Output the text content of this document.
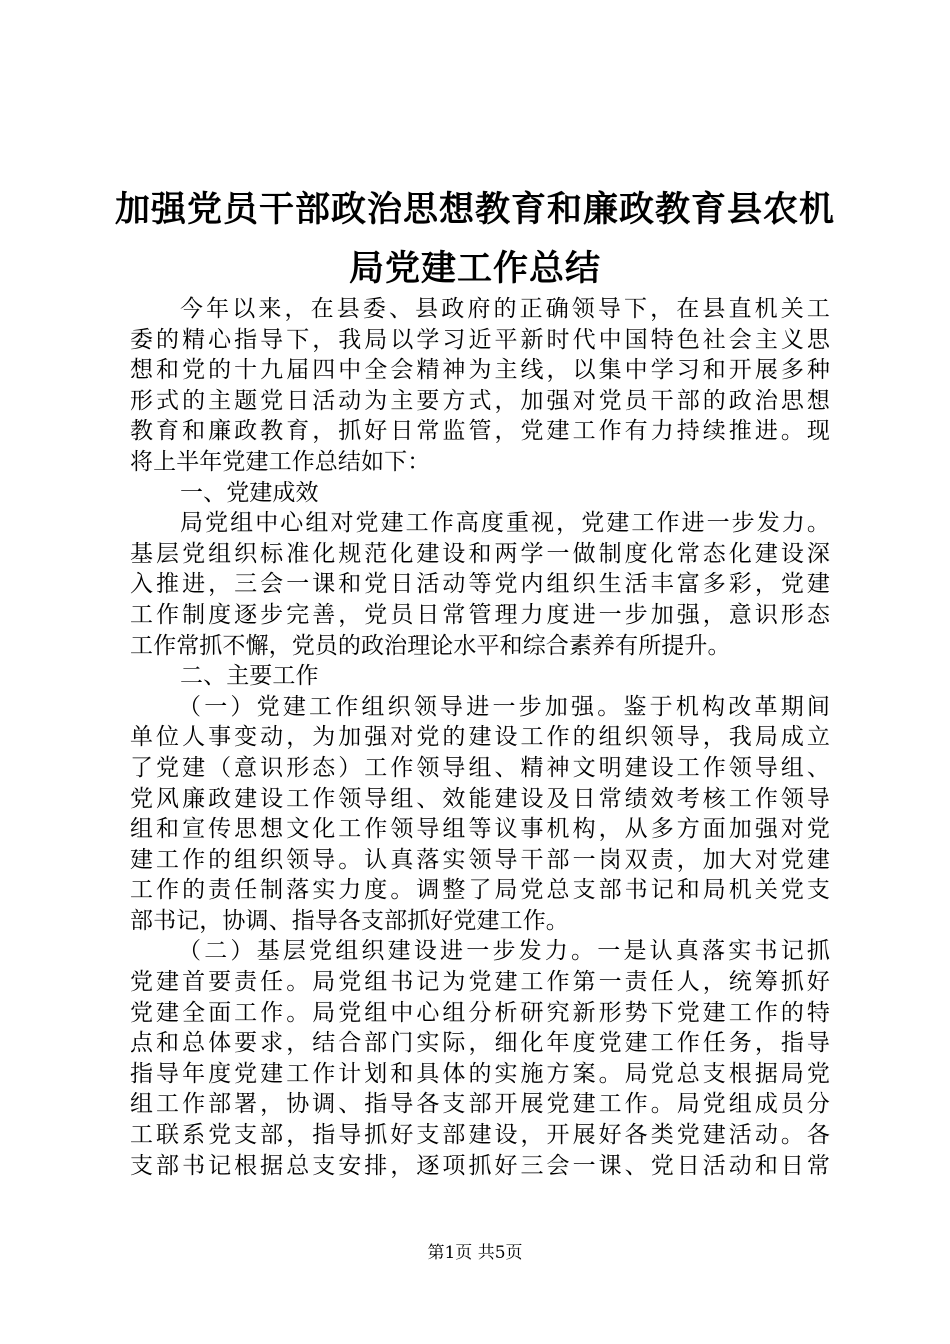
加强党员干部政治思想教育和廉政教育县农机
局党建工作总结
今年以来，在县委、县政府的正确领导下，在县直机关工
委的精心指导下，我局以学习近平新时代中国特色社会主义思
想和党的十九届四中全会精神为主线，以集中学习和开展多种
形式的主题党日活动为主要方式，加强对党员干部的政治思想
教育和廉政教育，抓好日常监管，党建工作有力持续推进。现
将上半年党建工作总结如下：
一、党建成效
局党组中心组对党建工作高度重视，党建工作进一步发力。
基层党组织标准化规范化建设和两学一做制度化常态化建设深
入推进，三会一课和党日活动等党内组织生活丰富多彩，党建
工作制度逐步完善，党员日常管理力度进一步加强，意识形态
工作常抓不懈，党员的政治理论水平和综合素养有所提升。
二、主要工作
（一）党建工作组织领导进一步加强。鉴于机构改革期间
单位人事变动，为加强对党的建设工作的组织领导，我局成立
了党建（意识形态）工作领导组、精神文明建设工作领导组、
党风廉政建设工作领导组、效能建设及日常绩效考核工作领导
组和宣传思想文化工作领导组等议事机构，从多方面加强对党
建工作的组织领导。认真落实领导干部一岗双责，加大对党建
工作的责任制落实力度。调整了局党总支部书记和局机关党支
部书记，协调、指导各支部抓好党建工作。
（二）基层党组织建设进一步发力。一是认真落实书记抓
党建首要责任。局党组书记为党建工作第一责任人，统筹抓好
党建全面工作。局党组中心组分析研究新形势下党建工作的特
点和总体要求，结合部门实际，细化年度党建工作任务，指导
指导年度党建工作计划和具体的实施方案。局党总支根据局党
组工作部署，协调、指导各支部开展党建工作。局党组成员分
工联系党支部，指导抓好支部建设，开展好各类党建活动。各
支部书记根据总支安排，逐项抓好三会一课、党日活动和日常
第1页 共5页
